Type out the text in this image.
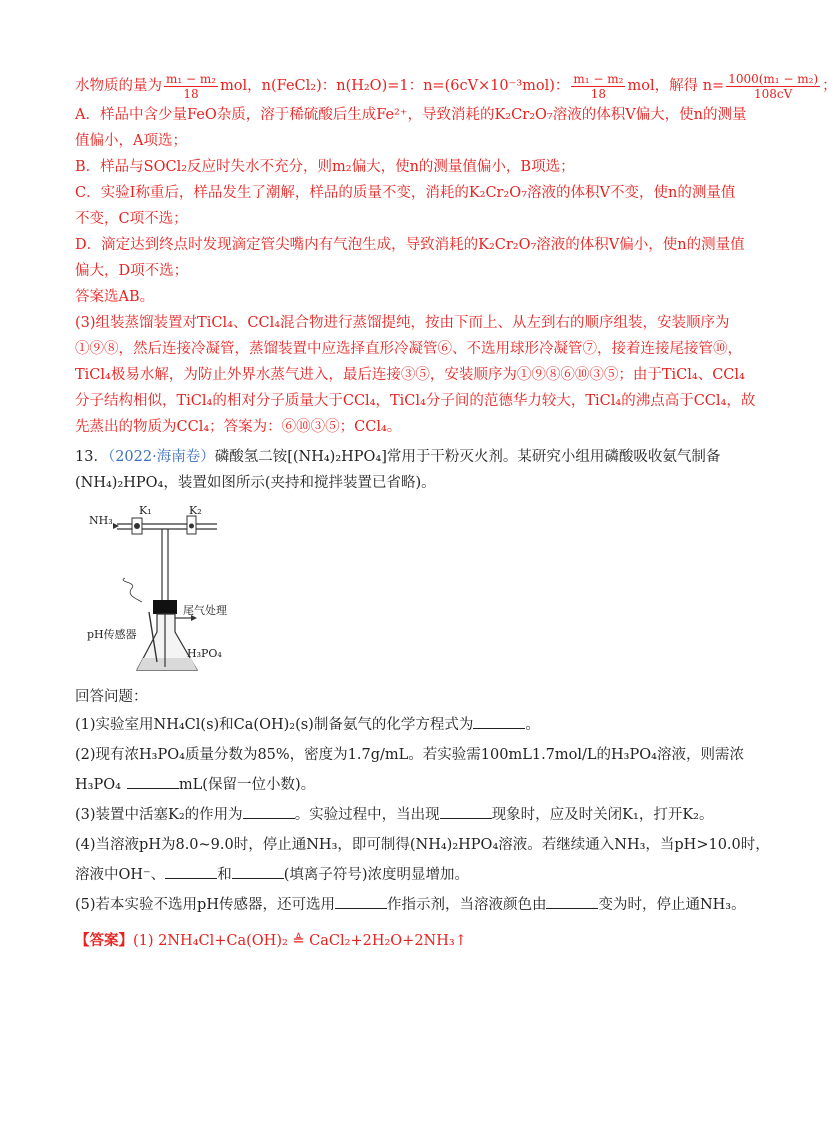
水物质的量为 $\frac{\text{m₁ − m₂}}{18}$ mol，n(FeCl₂)：n(H₂O)=1：n=(6cV×10⁻³mol)： $\frac{\text{m₁ − m₂}}{18}$ mol，解得 $n= \frac{\text{1000(m₁ − m₂)}}{108cV}$ ；

A．样品中含少量FeO杂质，溶于稀硫酸后生成Fe²⁺，导致消耗的K₂Cr₂O₇溶液的体积V偏大，使n的测量

值偏小，A项选；

B．样品与SOCl₂反应时失水不充分，则m₂偏大，使n的测量值偏小，B项选；

C．实验I称重后，样品发生了潮解，样品的质量不变，消耗的K₂Cr₂O₇溶液的体积V不变，使n的测量值

不变，C项不选；

D．滴定达到终点时发现滴定管尖嘴内有气泡生成，导致消耗的K₂Cr₂O₇溶液的体积V偏小，使n的测量值

偏大，D项不选；

答案选AB。

(3)组装蒸馏装置对TiCl₄、CCl₄混合物进行蒸馏提纯，按由下而上、从左到右的顺序组装，安装顺序为

①⑨⑧，然后连接冷凝管，蒸馏装置中应选择直形冷凝管⑥、不选用球形冷凝管⑦，接着连接尾接管⑩，

TiCl₄极易水解，为防止外界水蒸气进入，最后连接③⑤，安装顺序为①⑨⑧⑥⑩③⑤；由于TiCl₄、CCl₄

分子结构相似，TiCl₄的相对分子质量大于CCl₄，TiCl₄分子间的范德华力较大，TiCl₄的沸点高于CCl₄，故

先蒸出的物质为CCl₄；答案为：⑥⑩③⑤；CCl₄。

13．（2022·海南卷）磷酸氢二铵[(NH₄)₂HPO₄]常用于干粉灭火剂。某研究小组用磷酸吸收氨气制备

(NH₄)₂HPO₄，装置如图所示(夹持和搅拌装置已省略)。

NH₃
K₁	K₂
尾气处理
pH传感器
H₃PO₄

回答问题：

(1)实验室用NH₄Cl(s)和Ca(OH)₂(s)制备氨气的化学方程式为	。

(2)现有浓H₃PO₄质量分数为85%，密度为1.7g/mL。若实验需100mL1.7mol/L的H₃PO₄溶液，则需浓

H₃PO₄	mL(保留一位小数)。

(3)装置中活塞K₂的作用为	。实验过程中，当出现	现象时，应及时关闭K₁，打开K₂。

(4)当溶液pH为8.0~9.0时，停止通NH₃，即可制得(NH₄)₂HPO₄溶液。若继续通入NH₃，当pH>10.0时，

溶液中OH⁻、	和	(填离子符号)浓度明显增加。

(5)若本实验不选用pH传感器，还可选用	作指示剂，当溶液颜色由	变为时，停止通NH₃。

【答案】(1) 2NH₄Cl+Ca(OH)₂ ≜ CaCl₂+2H₂O+2NH₃↑
